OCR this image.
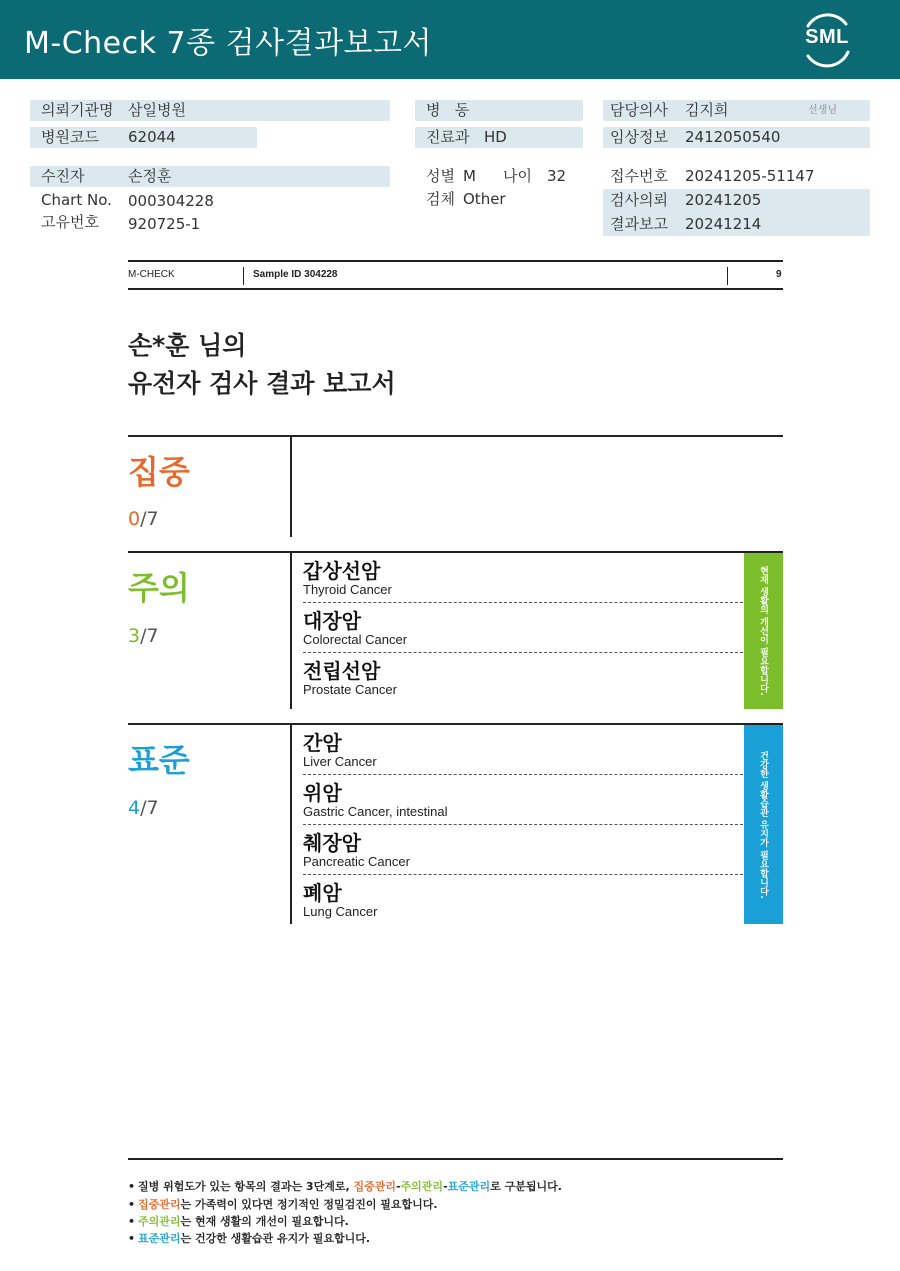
M-Check 7종 검사결과보고서	SML
의뢰기관명 삼일병원
병원코드 62044
병   동
진료과 HD
담당의사 김지희	선생님
임상정보 2412050540
수진자	손정훈
Chart No. 000304228
고유번호 920725-1
성별 M 나이 32
검체 Other
접수번호 20241205-51147
검사의뢰 20241205
결과보고 20241214
M-CHECK	Sample ID 304228	9
손*훈 님의
유전자 검사 결과 보고서
집중
0/7
주의
3/7
갑상선암
Thyroid Cancer
대장암
Colorectal Cancer
전립선암
Prostate Cancer	현재 생활의 개선이 필요합니다.
표준
4/7
간암
Liver Cancer
위암
Gastric Cancer, intestinal
췌장암
Pancreatic Cancer
폐암
Lung Cancer
건강한 생활습관 유지가 필요합니다.
• 질병 위험도가 있는 항목의 결과는 3단계로, 집중관리-주의관리-표준관리로 구분됩니다.
• 집중관리는 가족력이 있다면 정기적인 정밀검진이 필요합니다.
• 주의관리는 현재 생활의 개선이 필요합니다.
• 표준관리는 건강한 생활습관 유지가 필요합니다.
